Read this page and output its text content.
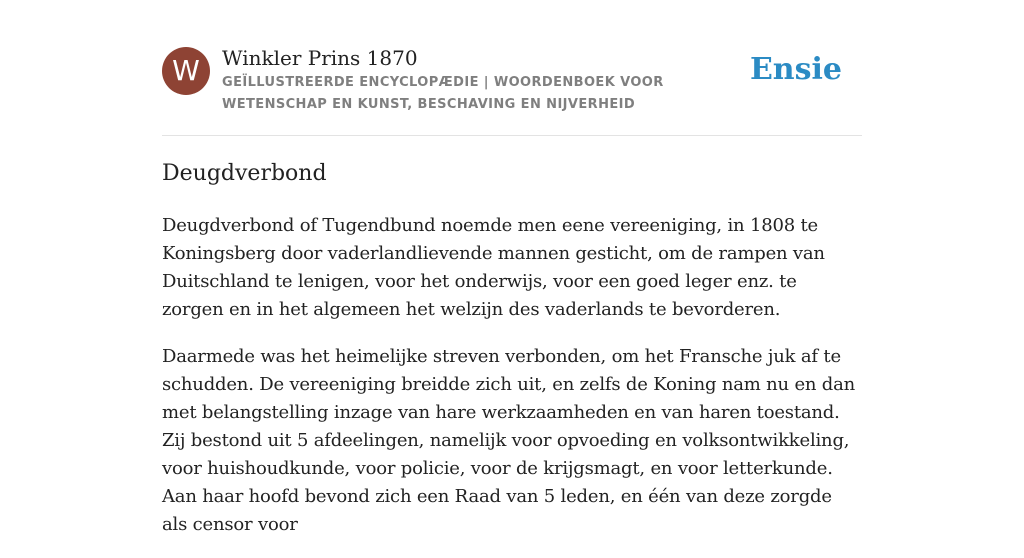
W	Winkler Prins 1870
GEÏLLUSTREERDE ENCYCLOPÆDIE | WOORDENBOEK VOOR WETENSCHAP EN KUNST, BESCHAVING EN NIJVERHEID
Ensie
Deugdverbond

Deugdverbond of Tugendbund noemde men eene vereeniging, in 1808 te Koningsberg door vaderlandlievende mannen gesticht, om de rampen van Duitschland te lenigen, voor het onderwijs, voor een goed leger enz. te zorgen en in het algemeen het welzijn des vaderlands te bevorderen.

Daarmede was het heimelijke streven verbonden, om het Fransche juk af te schudden. De vereeniging breidde zich uit, en zelfs de Koning nam nu en dan met belangstelling inzage van hare werkzaamheden en van haren toestand. Zij bestond uit 5 afdeelingen, namelijk voor opvoeding en volksontwikkeling, voor huishoudkunde, voor policie, voor de krijgsmagt, en voor letterkunde. Aan haar hoofd bevond zich een Raad van 5 leden, en één van deze zorgde als censor voor
